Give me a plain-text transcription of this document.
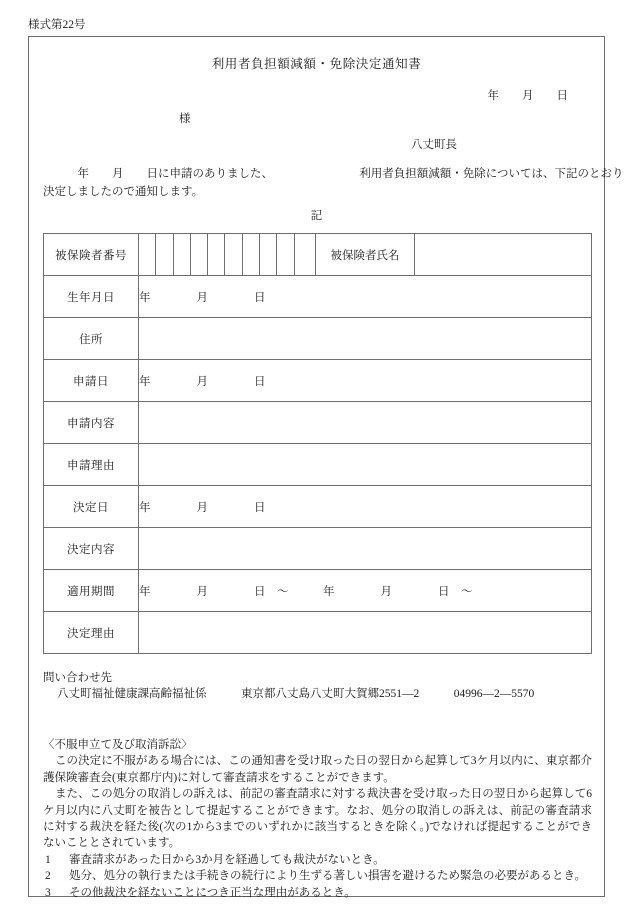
様式第22号
利用者負担額減額・免除決定通知書
年　　月　　日
様
八丈町長
　　　年　　月　　日に申請のありました、　　　　　　　　利用者負担額減額・免除については、下記のとおり
決定しましたので通知します。
記
被保険者番号		被保険者氏名	
生年月日	年　　　　月　　　　日		
住所			
申請日	年　　　　月　　　　日		
申請内容			
申請理由			
決定日	年　　　　月　　　　日		
決定内容			
適用期間	年　　　　月　　　　日　～　　　年　　　　月　　　　日　～		
決定理由			
問い合わせ先
八丈町福祉健康課高齢福祉係　　　東京都八丈島八丈町大賀郷2551—2　　　04996—2—5570
〈不服申立て及び取消訴訟〉

この決定に不服がある場合には、この通知書を受け取った日の翌日から起算して3ケ月以内に、東京都介護保険審査会(東京都庁内)に対して審査請求をすることができます。

また、この処分の取消しの訴えは、前記の審査請求に対する裁決書を受け取った日の翌日から起算して6ケ月以内に八丈町を被告として提起することができます。なお、処分の取消しの訴えは、前記の審査請求に対する裁決を経た後(次の1から3までのいずれかに該当するときを除く。)でなければ提起することができないこととされています。

1 審査請求があった日から3か月を経過しても裁決がないとき。
2 処分、処分の執行または手続きの続行により生ずる著しい損害を避けるため緊急の必要があるとき。
3 その他裁決を経ないことにつき正当な理由があるとき。
